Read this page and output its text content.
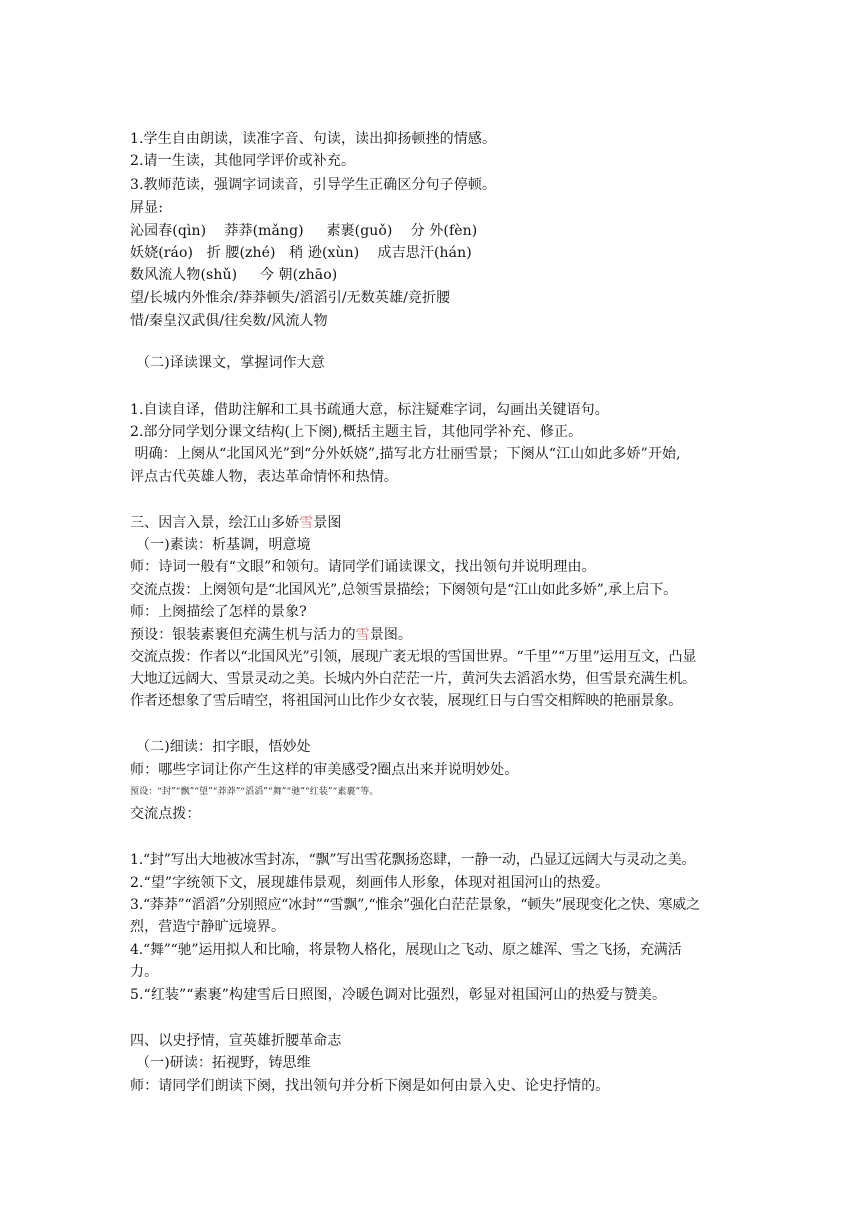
1.学生自由朗读，读准字音、句读，读出抑扬顿挫的情感。
2.请一生读，其他同学评价或补充。
3.教师范读，强调字词读音，引导学生正确区分句子停顿。
屏显:
沁园春(qìn)    莽莽(mǎng)     素裹(guǒ)    分 外(fèn)
妖娆(ráo)   折 腰(zhé)   稍 逊(xùn)    成吉思汗(hán)
数风流人物(shǔ)     今 朝(zhāo)
望/长城内外惟余/莽莽顿失/滔滔引/无数英雄/竞折腰
惜/秦皇汉武俱/往矣数/风流人物
（二)译读课文，掌握词作大意
1.自读自译，借助注解和工具书疏通大意，标注疑难字词，勾画出关键语句。
2.部分同学划分课文结构(上下阕),概括主题主旨，其他同学补充、修正。
明确：上阕从“北国风光”到“分外妖娆”,描写北方壮丽雪景；下阕从“江山如此多娇”开始,
评点古代英雄人物，表达革命情怀和热情。
三、因言入景，绘江山多娇雪景图
（一)素读：析基调，明意境
师：诗词一般有“文眼”和领句。请同学们诵读课文，找出领句并说明理由。
交流点拨：上阕领句是“北国风光”,总领雪景描绘；下阕领句是“江山如此多娇”,承上启下。
师：上阕描绘了怎样的景象?
预设：银装素裹但充满生机与活力的雪景图。
交流点拨：作者以“北国风光”引领，展现广袤无垠的雪国世界。“千里”“万里”运用互文，凸显
大地辽远阔大、雪景灵动之美。长城内外白茫茫一片，黄河失去滔滔水势，但雪景充满生机。
作者还想象了雪后晴空，将祖国河山比作少女衣装，展现红日与白雪交相辉映的艳丽景象。
（二)细读：扣字眼，悟妙处
师：哪些字词让你产生这样的审美感受?圈点出来并说明妙处。
预设：“封”“飘”“望”“莽莽”“滔滔”“舞”“驰”“红装”“素裹”等。
交流点拨：
1.“封”写出大地被冰雪封冻，“飘”写出雪花飘扬恣肆，一静一动，凸显辽远阔大与灵动之美。
2.“望”字统领下文，展现雄伟景观，刻画伟人形象，体现对祖国河山的热爱。
3.“莽莽”“滔滔”分别照应“冰封”“雪飘”,“惟余”强化白茫茫景象，“顿失”展现变化之快、寒威之
烈，营造宁静旷远境界。
4.“舞”“驰”运用拟人和比喻，将景物人格化，展现山之飞动、原之雄浑、雪之飞扬，充满活
力。
5.“红装”“素裹”构建雪后日照图，冷暖色调对比强烈，彰显对祖国河山的热爱与赞美。
四、以史抒情，宣英雄折腰革命志
（一)研读：拓视野，铸思维
师：请同学们朗读下阕，找出领句并分析下阕是如何由景入史、论史抒情的。
